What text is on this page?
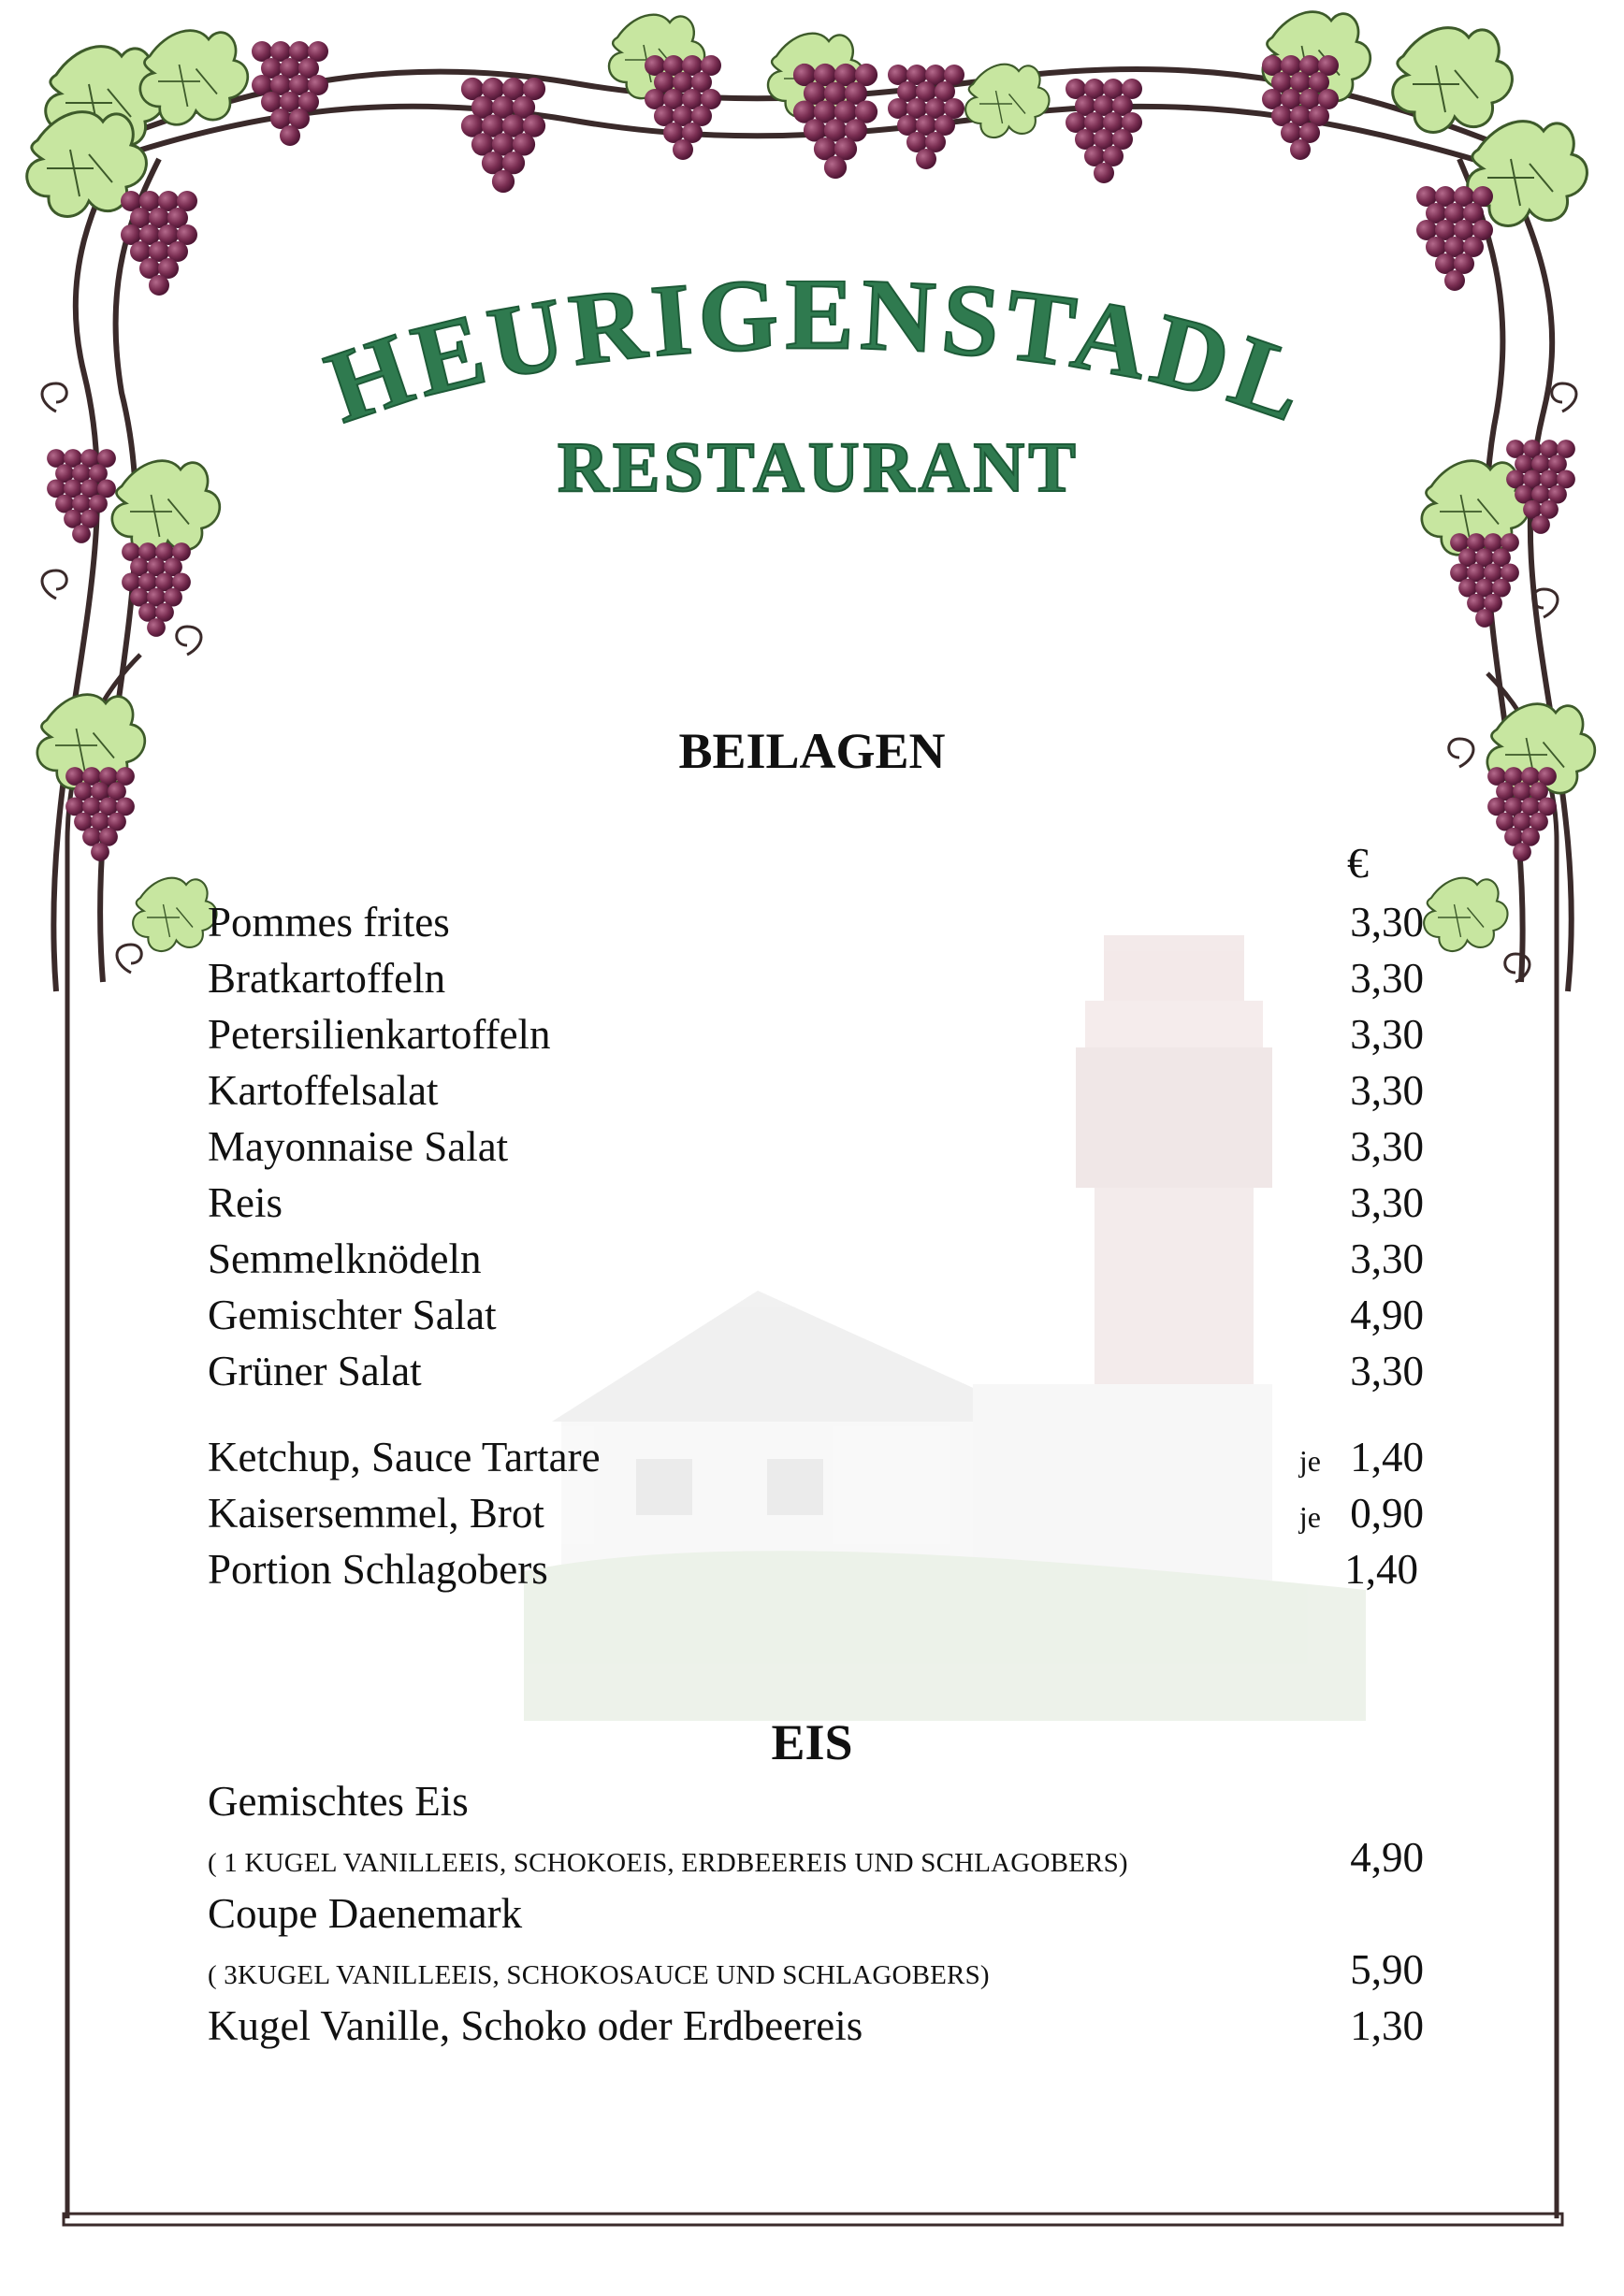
HEURIGENSTADL
RESTAURANT
BEILAGEN
€
Pommes frites	3,30
Bratkartoffeln	3,30
Petersilienkartoffeln	3,30
Kartoffelsalat	3,30
Mayonnaise Salat	3,30
Reis	3,30
Semmelknödeln	3,30
Gemischter Salat	4,90
Grüner Salat	3,30
Ketchup, Sauce Tartare	je 1,40
Kaisersemmel, Brot	je 0,90
Portion Schlagobers	1,40
EIS
Gemischtes Eis
( 1 KUGEL VANILLEEIS, SCHOKOEIS, ERDBEEREIS UND SCHLAGOBERS)	4,90
Coupe Daenemark
( 3KUGEL VANILLEEIS, SCHOKOSAUCE UND SCHLAGOBERS)	5,90
Kugel Vanille, Schoko oder Erdbeereis	1,30
